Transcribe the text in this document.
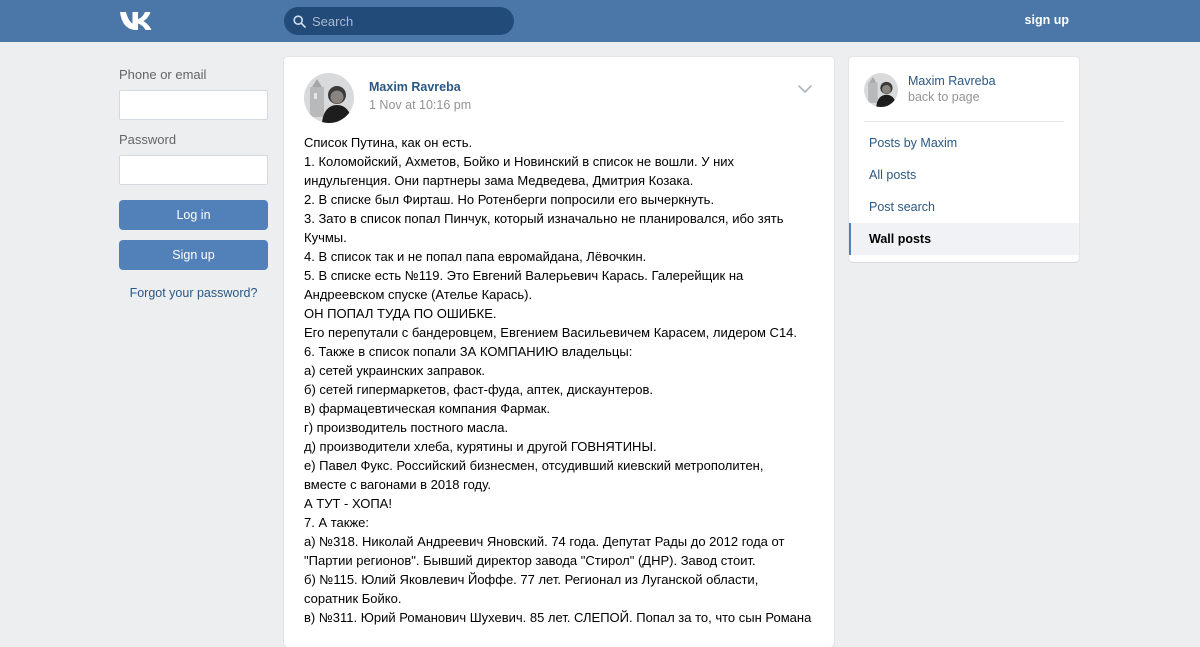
Search
sign up
Phone or email
Password
Log in
Sign up
Forgot your password?
Maxim Ravreba
1 Nov at 10:16 pm
Список Путина, как он есть.
1. Коломойский, Ахметов, Бойко и Новинский в список не вошли. У них
индульгенция. Они партнеры зама Медведева, Дмитрия Козака.
2. В списке был Фирташ. Но Ротенберги попросили его вычеркнуть.
3. Зато в список попал Пинчук, который изначально не планировался, ибо зять
Кучмы.
4. В список так и не попал папа евромайдана, Лёвочкин.
5. В списке есть №119. Это Евгений Валерьевич Карась. Галерейщик на
Андреевском спуске (Ателье Карась).
ОН ПОПАЛ ТУДА ПО ОШИБКЕ.
Его перепутали с бандеровцем, Евгением Васильевичем Карасем, лидером С14.
6. Также в список попали ЗА КОМПАНИЮ владельцы:
а) сетей украинских заправок.
б) сетей гипермаркетов, фаст-фуда, аптек, дискаунтеров.
в) фармацевтическая компания Фармак.
г) производитель постного масла.
д) производители хлеба, курятины и другой ГОВНЯТИНЫ.
е) Павел Фукс. Российский бизнесмен, отсудивший киевский метрополитен,
вместе с вагонами в 2018 году.
А ТУТ - ХОПА!
7. А также:
а) №318. Николай Андреевич Яновский. 74 года. Депутат Рады до 2012 года от
"Партии регионов". Бывший директор завода "Стирол" (ДНР). Завод стоит.
б) №115. Юлий Яковлевич Йоффе. 77 лет. Регионал из Луганской области,
соратник Бойко.
в) №311. Юрий Романович Шухевич. 85 лет. СЛЕПОЙ. Попал за то, что сын Романа
Maxim Ravreba
back to page
Posts by Maxim
All posts
Post search
Wall posts
